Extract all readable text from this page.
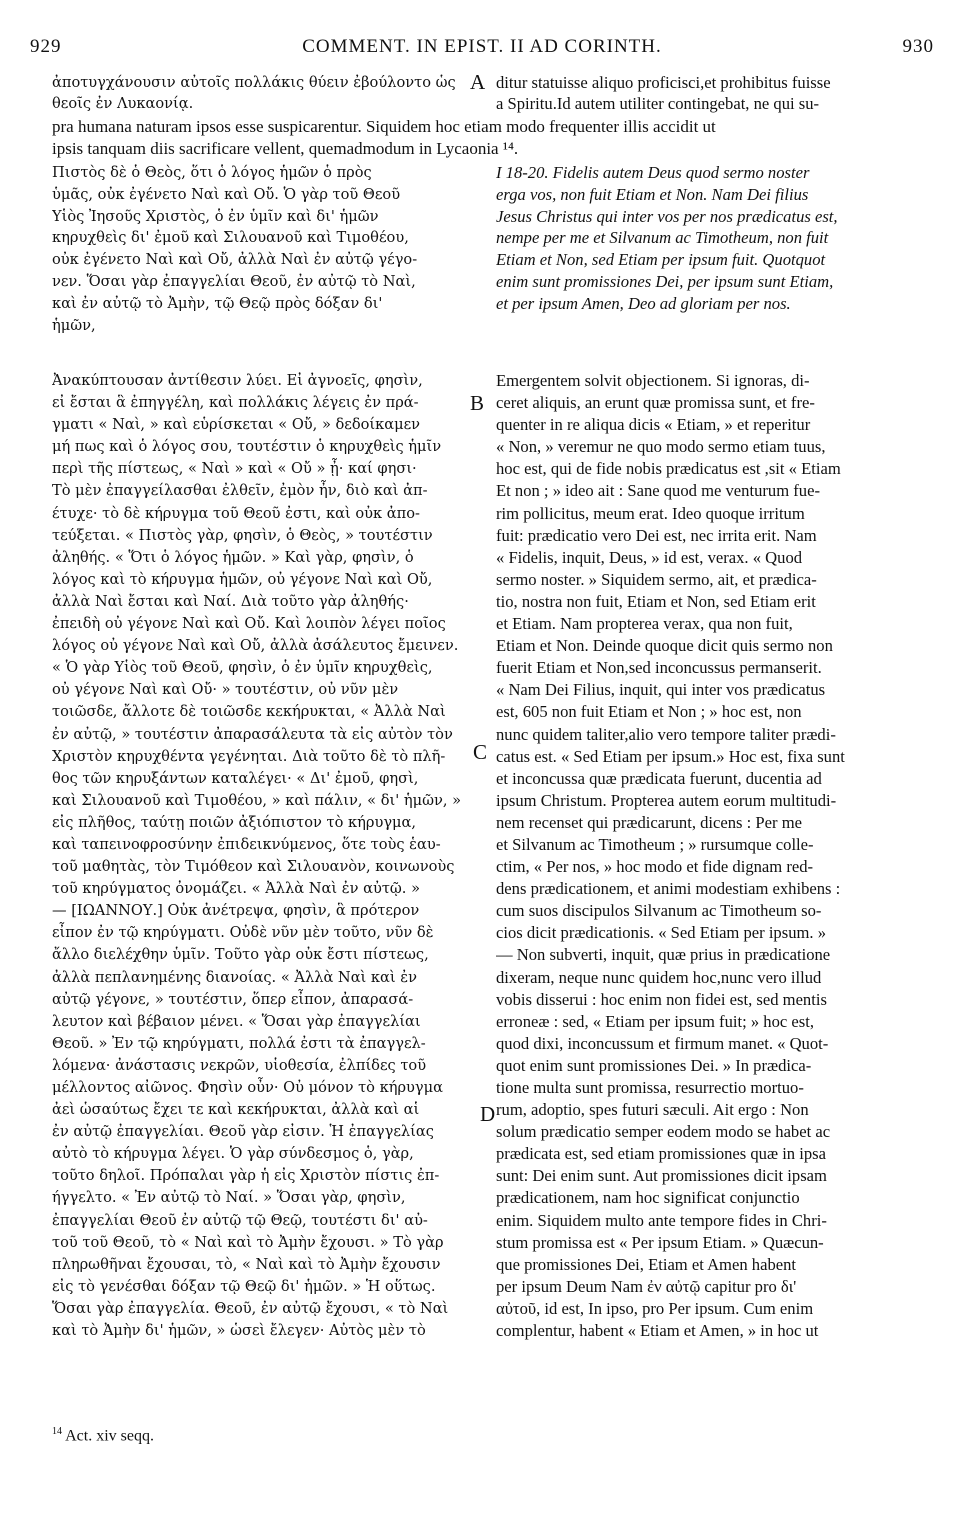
929	COMMENT. IN EPIST. II AD CORINTH.	930
ἀποτυγχάνουσιν αὐτοῖς πολλάκις θύειν ἐβούλοντο ὡς
θεοῖς ἐν Λυκαονίᾳ.
ditur statuisse aliquo proficisci,et prohibitus fuisse
a Spiritu.Id autem utiliter contingebat, ne qui su-
A
pra humana naturam ipsos esse suspicarentur. Siquidem hoc etiam modo frequenter illis accidit ut
ipsis tanquam diis sacrificare vellent, quemadmodum in Lycaonia ¹⁴.
Πιστὸς δὲ ὁ Θεὸς, ὅτι ὁ λόγος ἡμῶν ὁ πρὸς
ὑμᾶς, οὐκ ἐγένετο Ναὶ καὶ Οὔ. Ὁ γὰρ τοῦ Θεοῦ
Υἱὸς Ἰησοῦς Χριστὸς, ὁ ἐν ὑμῖν καὶ δι' ἡμῶν
κηρυχθεὶς δι' ἐμοῦ καὶ Σιλουανοῦ καὶ Τιμοθέου,
οὐκ ἐγένετο Ναὶ καὶ Οὔ, ἀλλὰ Ναὶ ἐν αὐτῷ γέγο-
νεν. Ὅσαι γὰρ ἐπαγγελίαι Θεοῦ, ἐν αὐτῷ τὸ Ναὶ,
καὶ ἐν αὐτῷ τὸ Ἀμὴν, τῷ Θεῷ πρὸς δόξαν δι'
ἡμῶν,
I 18-20. Fidelis autem Deus quod sermo noster
erga vos, non fuit Etiam et Non. Nam Dei filius
Jesus Christus qui inter vos per nos prædicatus est,
nempe per me et Silvanum ac Timotheum, non fuit
Etiam et Non, sed Etiam per ipsum fuit. Quotquot
enim sunt promissiones Dei, per ipsum sunt Etiam,
et per ipsum Amen, Deo ad gloriam per nos.
Ἀνακύπτουσαν ἀντίθεσιν λύει. Εἰ ἀγνοεῖς, φησὶν,
εἰ ἔσται ἃ ἐπηγγέλη, καὶ πολλάκις λέγεις ἐν πρά-
γματι « Ναὶ, » καὶ εὑρίσκεται « Οὔ, » δεδοίκαμεν
μή πως καὶ ὁ λόγος σου, τουτέστιν ὁ κηρυχθεὶς ἡμῖν
περὶ τῆς πίστεως, « Ναὶ » καὶ « Οὔ » ᾖ· καί φησι·
Τὸ μὲν ἐπαγγείλασθαι ἐλθεῖν, ἐμὸν ἦν, διὸ καὶ ἀπ-
έτυχε· τὸ δὲ κήρυγμα τοῦ Θεοῦ ἐστι, καὶ οὐκ ἀπο-
τεύξεται. « Πιστὸς γὰρ, φησὶν, ὁ Θεὸς, » τουτέστιν
ἀληθής. « Ὅτι ὁ λόγος ἡμῶν. » Καὶ γὰρ, φησὶν, ὁ
λόγος καὶ τὸ κήρυγμα ἡμῶν, οὐ γέγονε Ναὶ καὶ Οὔ,
ἀλλὰ Ναὶ ἔσται καὶ Ναί. Διὰ τοῦτο γὰρ ἀληθής·
ἐπειδὴ οὐ γέγονε Ναὶ καὶ Οὔ. Καὶ λοιπὸν λέγει ποῖος
λόγος οὐ γέγονε Ναὶ καὶ Οὔ, ἀλλὰ ἀσάλευτος ἔμεινεν.
« Ὁ γὰρ Υἱὸς τοῦ Θεοῦ, φησὶν, ὁ ἐν ὑμῖν κηρυχθεὶς,
οὐ γέγονε Ναὶ καὶ Οὔ· » τουτέστιν, οὐ νῦν μὲν
τοιῶσδε, ἄλλοτε δὲ τοιῶσδε κεκήρυκται, « Ἀλλὰ Ναὶ
ἐν αὐτῷ, » τουτέστιν ἀπαρασάλευτα τὰ εἰς αὐτὸν τὸν
Χριστὸν κηρυχθέντα γεγένηται. Διὰ τοῦτο δὲ τὸ πλῆ-
θος τῶν κηρυξάντων καταλέγει· « Δι' ἐμοῦ, φησὶ,
καὶ Σιλουανοῦ καὶ Τιμοθέου, » καὶ πάλιν, « δι' ἡμῶν, »
εἰς πλῆθος, ταύτῃ ποιῶν ἀξιόπιστον τὸ κήρυγμα,
καὶ ταπεινοφροσύνην ἐπιδεικνύμενος, ὅτε τοὺς ἑαυ-
τοῦ μαθητὰς, τὸν Τιμόθεον καὶ Σιλουανὸν, κοινωνοὺς
τοῦ κηρύγματος ὀνομάζει. « Ἀλλὰ Ναὶ ἐν αὐτῷ. »
— [ΙΩΑΝΝΟΥ.] Οὐκ ἀνέτρεψα, φησὶν, ἃ πρότερον
εἶπον ἐν τῷ κηρύγματι. Οὐδὲ νῦν μὲν τοῦτο, νῦν δὲ
ἄλλο διελέχθην ὑμῖν. Τοῦτο γὰρ οὐκ ἔστι πίστεως,
ἀλλὰ πεπλανημένης διανοίας. « Ἀλλὰ Ναὶ καὶ ἐν
αὐτῷ γέγονε, » τουτέστιν, ὅπερ εἶπον, ἀπαρασά-
λευτον καὶ βέβαιον μένει. « Ὅσαι γὰρ ἐπαγγελίαι
Θεοῦ. » Ἐν τῷ κηρύγματι, πολλά ἐστι τὰ ἐπαγγελ-
λόμενα· ἀνάστασις νεκρῶν, υἱοθεσία, ἐλπίδες τοῦ
μέλλοντος αἰῶνος. Φησὶν οὖν· Οὐ μόνον τὸ κήρυγμα
ἀεὶ ὡσαύτως ἔχει τε καὶ κεκήρυκται, ἀλλὰ καὶ αἱ
ἐν αὐτῷ ἐπαγγελίαι. Θεοῦ γὰρ εἰσιν. Ἡ ἐπαγγελίας
αὐτὸ τὸ κήρυγμα λέγει. Ὁ γὰρ σύνδεσμος ὁ, γὰρ,
τοῦτο δηλοῖ. Πρόπαλαι γὰρ ἡ εἰς Χριστὸν πίστις ἐπ-
ήγγελτο. « Ἐν αὐτῷ τὸ Ναί. » Ὅσαι γὰρ, φησὶν,
ἐπαγγελίαι Θεοῦ ἐν αὐτῷ τῷ Θεῷ, τουτέστι δι' αὐ-
τοῦ τοῦ Θεοῦ, τὸ « Ναὶ καὶ τὸ Ἀμὴν ἔχουσι. » Τὸ γὰρ
πληρωθῆναι ἔχουσαι, τὸ, « Ναὶ καὶ τὸ Ἀμὴν ἔχουσιν
εἰς τὸ γενέσθαι δόξαν τῷ Θεῷ δι' ἡμῶν. » Ἡ οὕτως.
Ὅσαι γὰρ ἐπαγγελία. Θεοῦ, ἐν αὐτῷ ἔχουσι, « τὸ Ναὶ
καὶ τὸ Ἀμὴν δι' ἡμῶν, » ὡσεὶ ἔλεγεν· Αὐτὸς μὲν τὸ
Emergentem solvit objectionem. Si ignoras, di-
ceret aliquis, an erunt quæ promissa sunt, et fre-
quenter in re aliqua dicis « Etiam, » et reperitur
« Non, » veremur ne quo modo sermo etiam tuus,
hoc est, qui de fide nobis prædicatus est ,sit « Etiam
Et non ; » ideo ait : Sane quod me venturum fue-
rim pollicitus, meum erat. Ideo quoque irritum
fuit: prædicatio vero Dei est, nec irrita erit. Nam
« Fidelis, inquit, Deus, » id est, verax. « Quod
sermo noster. » Siquidem sermo, ait, et prædica-
tio, nostra non fuit, Etiam et Non, sed Etiam erit
et Etiam. Nam propterea verax, qua non fuit,
Etiam et Non. Deinde quoque dicit quis sermo non
fuerit Etiam et Non,sed inconcussus permanserit.
« Nam Dei Filius, inquit, qui inter vos prædicatus
est, 605 non fuit Etiam et Non ; » hoc est, non
nunc quidem taliter,alio vero tempore taliter prædi-
catus est. « Sed Etiam per ipsum.» Hoc est, fixa sunt
et inconcussa quæ prædicata fuerunt, ducentia ad
ipsum Christum. Propterea autem eorum multitudi-
nem recenset qui prædicarunt, dicens : Per me
et Silvanum ac Timotheum ; » rursumque colle-
ctim, « Per nos, » hoc modo et fide dignam red-
dens prædicationem, et animi modestiam exhibens :
cum suos discipulos Silvanum ac Timotheum so-
cios dicit prædicationis. « Sed Etiam per ipsum. »
— Non subverti, inquit, quæ prius in prædicatione
dixeram, neque nunc quidem hoc,nunc vero illud
vobis disserui : hoc enim non fidei est, sed mentis
erroneæ : sed, « Etiam per ipsum fuit; » hoc est,
quod dixi, inconcussum et firmum manet. « Quot-
quot enim sunt promissiones Dei. » In prædica-
tione multa sunt promissa, resurrectio mortuo-
rum, adoptio, spes futuri sæculi. Ait ergo : Non
solum prædicatio semper eodem modo se habet ac
prædicata est, sed etiam promissiones quæ in ipsa
sunt: Dei enim sunt. Aut promissiones dicit ipsam
prædicationem, nam hoc significat conjunctio
enim. Siquidem multo ante tempore fides in Chri-
stum promissa est « Per ipsum Etiam. » Quæcun-
que promissiones Dei, Etiam et Amen habent
per ipsum Deum Nam ἐν αὐτῷ capitur pro δι'
αὐτοῦ, id est, In ipso, pro Per ipsum. Cum enim
complentur, habent « Etiam et Amen, » in hoc ut
B
C
D
$^{14}$ Act. xiv seqq.
